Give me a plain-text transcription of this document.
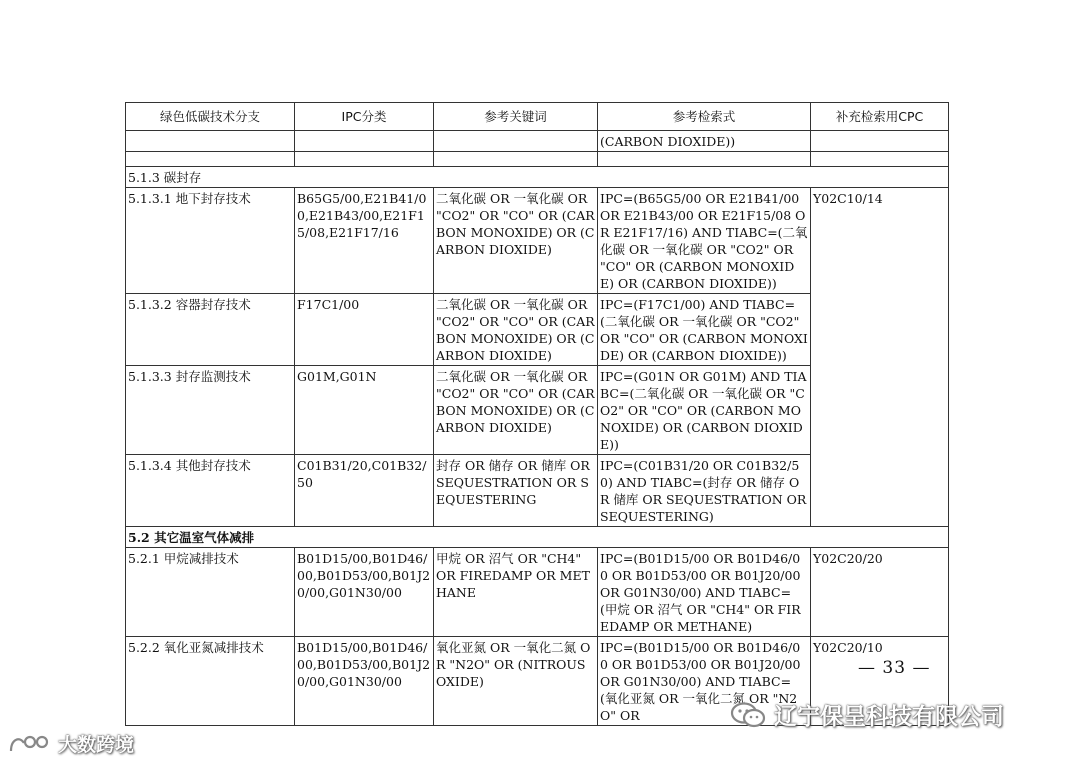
绿色低碳技术分支	IPC分类	参考关键词	参考检索式	补充检索用CPC
			(CARBON DIOXIDE))	

5.1.3 碳封存				
5.1.3.1 地下封存技术	B65G5/00,E21B41/00,E21B43/00,E21F15/08,E21F17/16	二氧化碳 OR 一氧化碳 OR "CO2" OR "CO" OR (CARBON MONOXIDE) OR (CARBON DIOXIDE)	IPC=(B65G5/00 OR E21B41/00 OR E21B43/00 OR E21F15/08 OR E21F17/16) AND TIABC=(二氧化碳 OR 一氧化碳 OR "CO2" OR "CO" OR (CARBON MONOXIDE) OR (CARBON DIOXIDE))	Y02C10/14
5.1.3.2 容器封存技术	F17C1/00	二氧化碳 OR 一氧化碳 OR "CO2" OR "CO" OR (CARBON MONOXIDE) OR (CARBON DIOXIDE)	IPC=(F17C1/00) AND TIABC=(二氧化碳 OR 一氧化碳 OR "CO2" OR "CO" OR (CARBON MONOXIDE) OR (CARBON DIOXIDE))	
5.1.3.3 封存监测技术	G01M,G01N	二氧化碳 OR 一氧化碳 OR "CO2" OR "CO" OR (CARBON MONOXIDE) OR (CARBON DIOXIDE)	IPC=(G01N OR G01M) AND TIABC=(二氧化碳 OR 一氧化碳 OR "CO2" OR "CO" OR (CARBON MONOXIDE) OR (CARBON DIOXIDE))	
5.1.3.4 其他封存技术	C01B31/20,C01B32/50	封存 OR 储存 OR 储库 OR SEQUESTRATION OR SEQUESTERING	IPC=(C01B31/20 OR C01B32/50) AND TIABC=(封存 OR 储存 OR 储库 OR SEQUESTRATION OR SEQUESTERING)	
5.2 其它温室气体减排				
5.2.1 甲烷减排技术	B01D15/00,B01D46/00,B01D53/00,B01J20/00,G01N30/00	甲烷 OR 沼气 OR "CH4" OR FIREDAMP OR METHANE	IPC=(B01D15/00 OR B01D46/00 OR B01D53/00 OR B01J20/00 OR G01N30/00) AND TIABC=(甲烷 OR 沼气 OR "CH4" OR FIREDAMP OR METHANE)	Y02C20/20
5.2.2 氧化亚氮减排技术	B01D15/00,B01D46/00,B01D53/00,B01J20/00,G01N30/00	氧化亚氮 OR 一氧化二氮 OR "N2O" OR (NITROUS OXIDE)	IPC=(B01D15/00 OR B01D46/00 OR B01D53/00 OR B01J20/00 OR G01N30/00) AND TIABC=(氧化亚氮 OR 一氧化二氮 OR "N2O" OR	Y02C20/10
— 33 —
辽宁保呈科技有限公司
大数跨境
